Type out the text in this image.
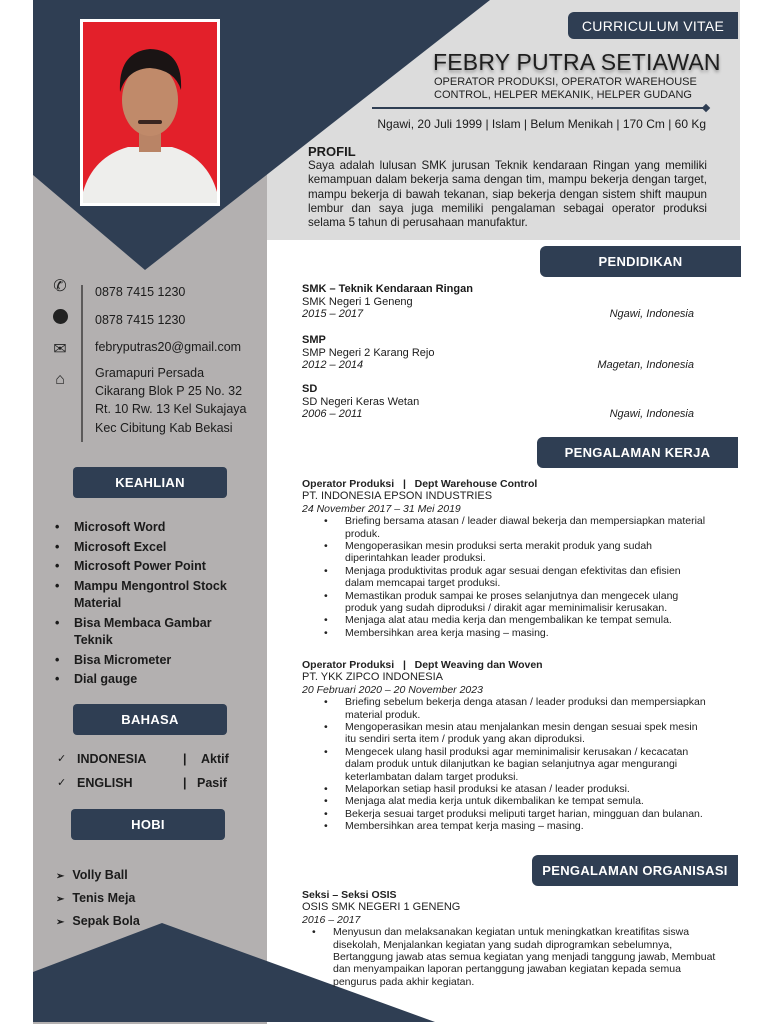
CURRICULUM VITAE
FEBRY PUTRA SETIAWAN
OPERATOR PRODUKSI, OPERATOR WAREHOUSE
CONTROL, HELPER MEKANIK, HELPER GUDANG
Ngawi, 20 Juli 1999 | Islam | Belum Menikah | 170 Cm | 60 Kg
PROFIL
Saya adalah lulusan SMK jurusan Teknik kendaraan Ringan yang memiliki kemampuan dalam bekerja sama dengan tim, mampu bekerja dengan target, mampu bekerja di bawah tekanan, siap bekerja dengan sistem shift maupun lembur dan saya juga memiliki pengalaman sebagai operator produksi selama 5 tahun di perusahaan manufaktur.
✆
✉
⌂
0878 7415 1230
0878 7415 1230
febryputras20@gmail.com
Gramapuri Persada
Cikarang Blok P 25 No. 32
Rt. 10 Rw. 13 Kel Sukajaya
Kec Cibitung Kab Bekasi
KEAHLIAN
• Microsoft Word
• Microsoft Excel
• Microsoft Power Point
• Mampu Mengontrol Stock Material
• Bisa Membaca Gambar Teknik
• Bisa Micrometer
• Dial gauge
BAHASA
✓ INDONESIA	| Aktif
✓ ENGLISH	| Pasif
HOBI
➢ Volly Ball
➢ Tenis Meja
➢ Sepak Bola
PENDIDIKAN
SMK – Teknik Kendaraan Ringan
SMK Negeri 1 Geneng
2015 – 2017	Ngawi, Indonesia
SMP
SMP Negeri 2 Karang Rejo
2012 – 2014	Magetan, Indonesia
SD
SD Negeri Keras Wetan
2006 – 2011	Ngawi, Indonesia
PENGALAMAN KERJA
Operator Produksi   |   Dept Warehouse Control
PT. INDONESIA EPSON INDUSTRIES
24 November 2017 – 31 Mei 2019
• Briefing bersama atasan / leader diawal bekerja dan mempersiapkan material produk.
• Mengoperasikan mesin produksi serta merakit produk yang sudah diperintahkan leader produksi.
• Menjaga produktivitas produk agar sesuai dengan efektivitas dan efisien dalam memcapai target produksi.
• Memastikan produk sampai ke proses selanjutnya dan mengecek ulang produk yang sudah diproduksi / dirakit agar meminimalisir kerusakan.
• Menjaga alat atau media kerja dan mengembalikan ke tempat semula.
• Membersihkan area kerja masing – masing.
Operator Produksi   |   Dept Weaving dan Woven
PT. YKK ZIPCO INDONESIA
20 Februari 2020 – 20 November 2023
• Briefing sebelum bekerja denga atasan / leader produksi dan mempersiapkan material produk.
• Mengoperasikan mesin atau menjalankan mesin dengan sesuai spek mesin itu sendiri serta item / produk yang akan diproduksi.
• Mengecek ulang hasil produksi agar meminimalisir kerusakan / kecacatan dalam produk untuk dilanjutkan ke bagian selanjutnya agar mengurangi keterlambatan dalam target produksi.
• Melaporkan setiap hasil produksi ke atasan / leader produksi.
• Menjaga alat media kerja untuk dikembalikan ke tempat semula.
• Bekerja sesuai target produksi meliputi target harian, mingguan dan bulanan.
• Membersihkan area tempat kerja masing – masing.
PENGALAMAN ORGANISASI
Seksi – Seksi OSIS
OSIS SMK NEGERI 1 GENENG
2016 – 2017
• Menyusun dan melaksanakan kegiatan untuk meningkatkan kreatifitas siswa disekolah, Menjalankan kegiatan yang sudah diprogramkan sebelumnya, Bertanggung jawab atas semua kegiatan yang menjadi tanggung jawab, Membuat dan menyampaikan laporan pertanggung jawaban kegiatan kepada semua pengurus pada akhir kegiatan.
